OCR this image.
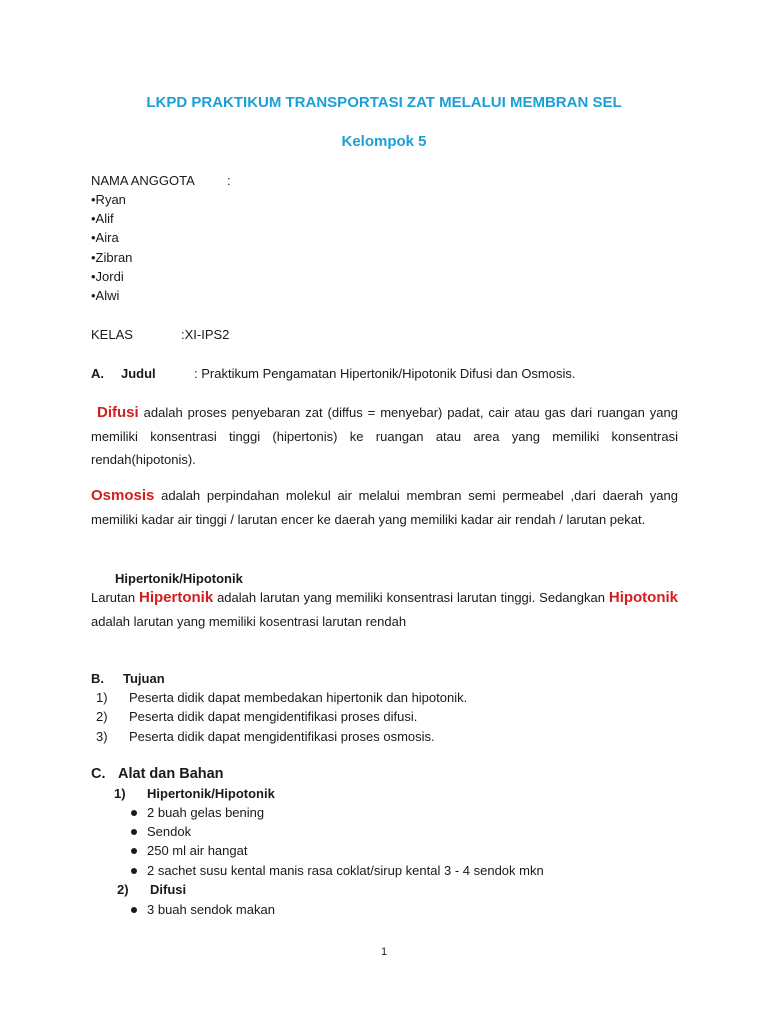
LKPD PRAKTIKUM TRANSPORTASI ZAT MELALUI MEMBRAN SEL
Kelompok 5
NAMA ANGGOTA :
•Ryan
•Alif
•Aira
•Zibran
•Jordi
•Alwi
KELAS	:XI-IPS2
A. Judul	: Praktikum Pengamatan Hipertonik/Hipotonik Difusi dan Osmosis.
Difusi adalah proses penyebaran zat (diffus = menyebar) padat, cair atau gas dari ruangan yang memiliki konsentrasi tinggi (hipertonis) ke ruangan atau area yang memiliki konsentrasi rendah(hipotonis).
Osmosis adalah perpindahan molekul air melalui membran semi permeabel ,dari daerah yang memiliki kadar air tinggi / larutan encer ke daerah yang memiliki kadar air rendah / larutan pekat.
Hipertonik/Hipotonik
Larutan Hipertonik adalah larutan yang memiliki konsentrasi larutan tinggi. Sedangkan Hipotonik adalah larutan yang memiliki kosentrasi larutan rendah
B. Tujuan
1) Peserta didik dapat membedakan hipertonik dan hipotonik.
2) Peserta didik dapat mengidentifikasi proses difusi.
3) Peserta didik dapat mengidentifikasi proses osmosis.
C. Alat dan Bahan
1) Hipertonik/Hipotonik
2 buah gelas bening
Sendok
250 ml air hangat
2 sachet susu kental manis rasa coklat/sirup kental 3 - 4 sendok mkn
2) Difusi
3 buah sendok makan
1
